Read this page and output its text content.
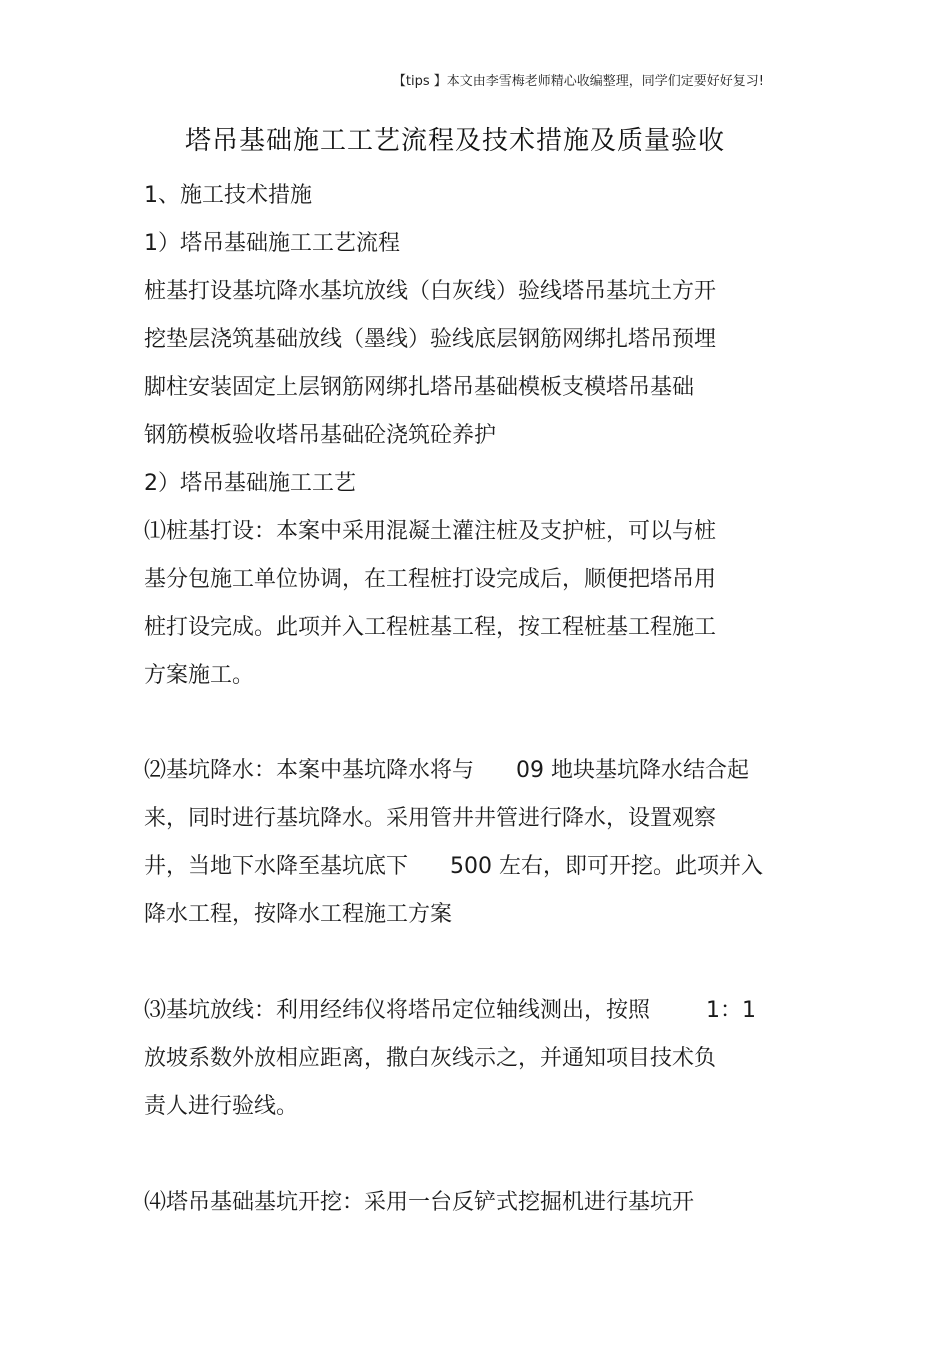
【tips 】本文由李雪梅老师精心收编整理，同学们定要好好复习!
塔吊基础施工工艺流程及技术措施及质量验收
1、施工技术措施
1）塔吊基础施工工艺流程
桩基打设基坑降水基坑放线（白灰线）验线塔吊基坑土方开
挖垫层浇筑基础放线（墨线）验线底层钢筋网绑扎塔吊预埋
脚柱安装固定上层钢筋网绑扎塔吊基础模板支模塔吊基础
钢筋模板验收塔吊基础砼浇筑砼养护
2）塔吊基础施工工艺
⑴桩基打设：本案中采用混凝土灌注桩及支护桩，可以与桩
基分包施工单位协调，在工程桩打设完成后，顺便把塔吊用
桩打设完成。此项并入工程桩基工程，按工程桩基工程施工
方案施工。
⑵基坑降水：本案中基坑降水将与      09 地块基坑降水结合起
来，同时进行基坑降水。采用管井井管进行降水，设置观察
井，当地下水降至基坑底下      500 左右，即可开挖。此项并入
降水工程，按降水工程施工方案
⑶基坑放线：利用经纬仪将塔吊定位轴线测出，按照        1：1
放坡系数外放相应距离，撒白灰线示之，并通知项目技术负
责人进行验线。
⑷塔吊基础基坑开挖：采用一台反铲式挖掘机进行基坑开
